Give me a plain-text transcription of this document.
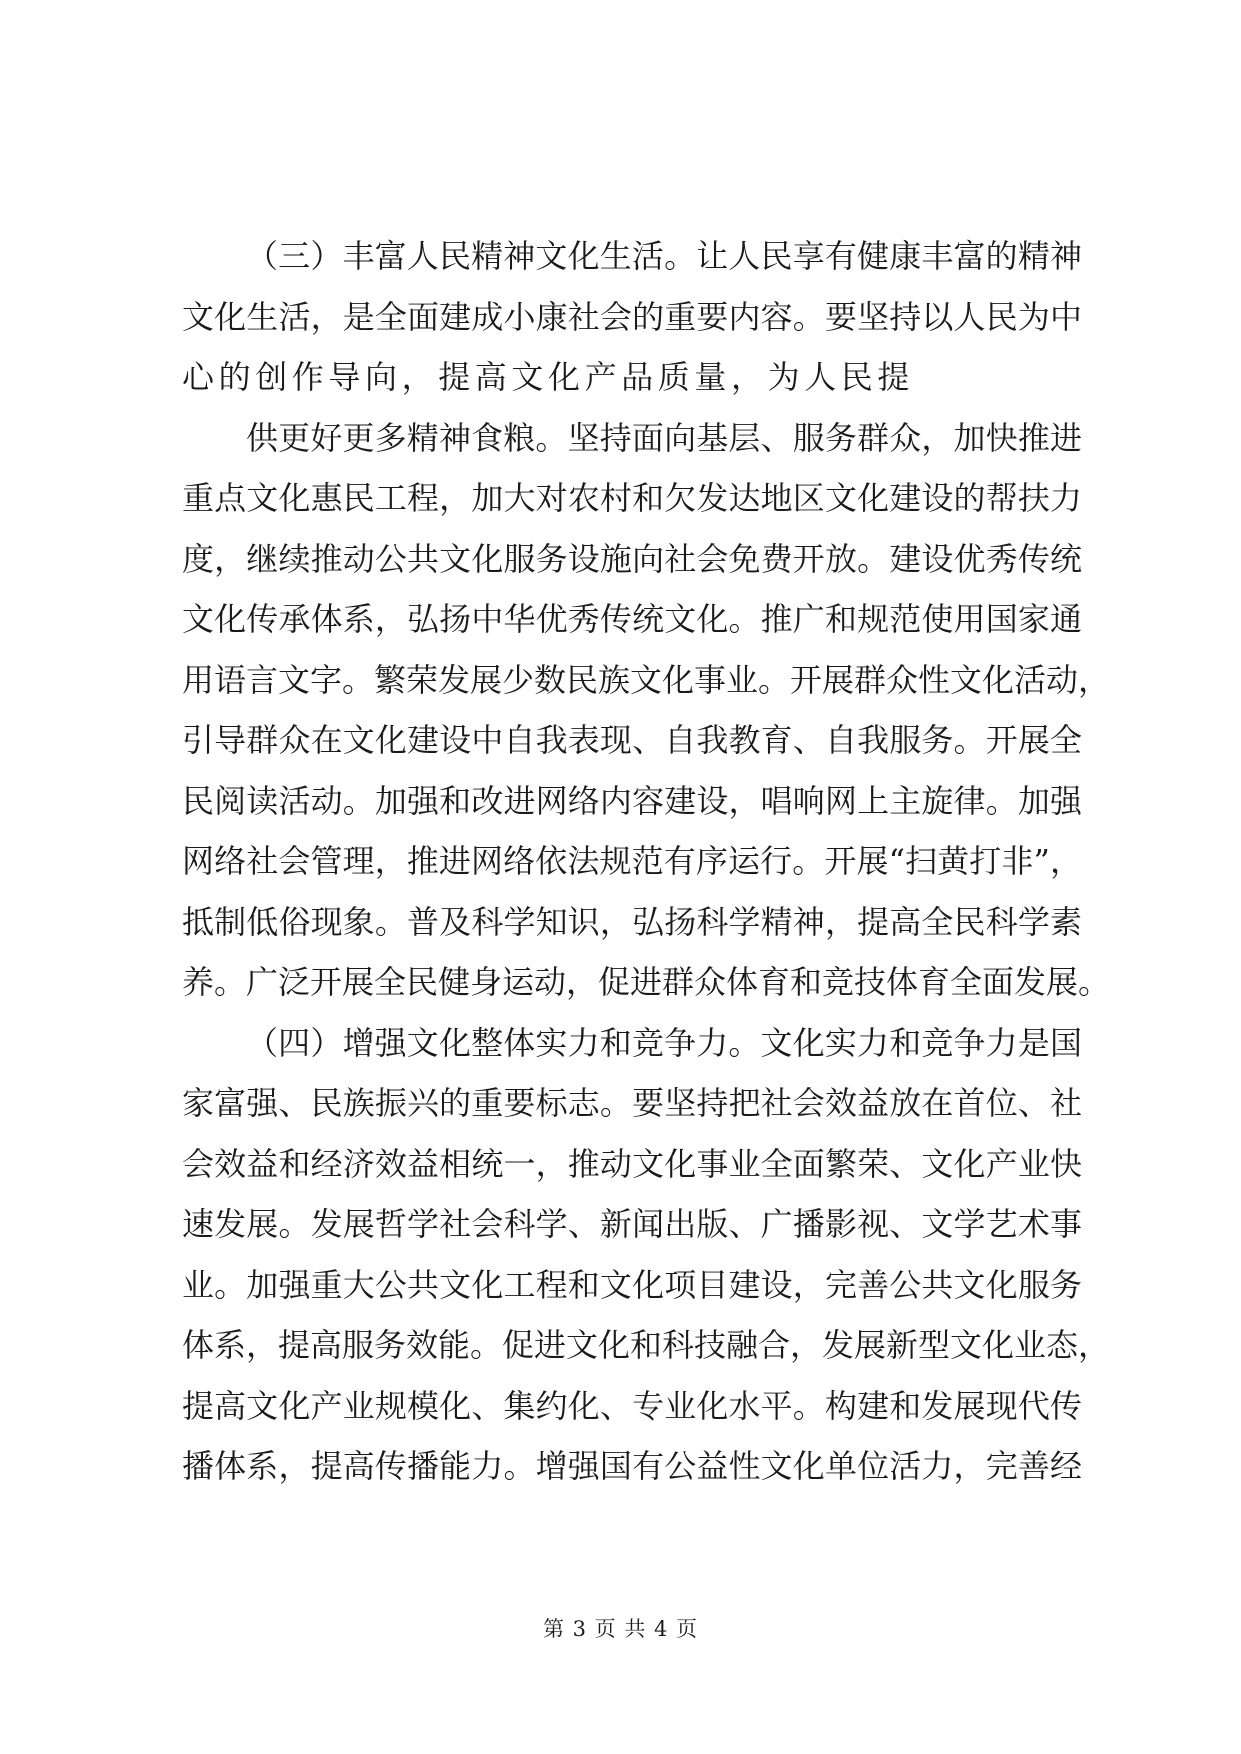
（三）丰富人民精神文化生活。让人民享有健康丰富的精神
文化生活，是全面建成小康社会的重要内容。要坚持以人民为中
心的创作导向，提高文化产品质量，为人民提
供更好更多精神食粮。坚持面向基层、服务群众，加快推进
重点文化惠民工程，加大对农村和欠发达地区文化建设的帮扶力
度，继续推动公共文化服务设施向社会免费开放。建设优秀传统
文化传承体系，弘扬中华优秀传统文化。推广和规范使用国家通
用语言文字。繁荣发展少数民族文化事业。开展群众性文化活动，
引导群众在文化建设中自我表现、自我教育、自我服务。开展全
民阅读活动。加强和改进网络内容建设，唱响网上主旋律。加强
网络社会管理，推进网络依法规范有序运行。开展“扫黄打非”，
抵制低俗现象。普及科学知识，弘扬科学精神，提高全民科学素
养。广泛开展全民健身运动，促进群众体育和竞技体育全面发展。
（四）增强文化整体实力和竞争力。文化实力和竞争力是国
家富强、民族振兴的重要标志。要坚持把社会效益放在首位、社
会效益和经济效益相统一，推动文化事业全面繁荣、文化产业快
速发展。发展哲学社会科学、新闻出版、广播影视、文学艺术事
业。加强重大公共文化工程和文化项目建设，完善公共文化服务
体系，提高服务效能。促进文化和科技融合，发展新型文化业态，
提高文化产业规模化、集约化、专业化水平。构建和发展现代传
播体系，提高传播能力。增强国有公益性文化单位活力，完善经
第 3 页 共 4 页
